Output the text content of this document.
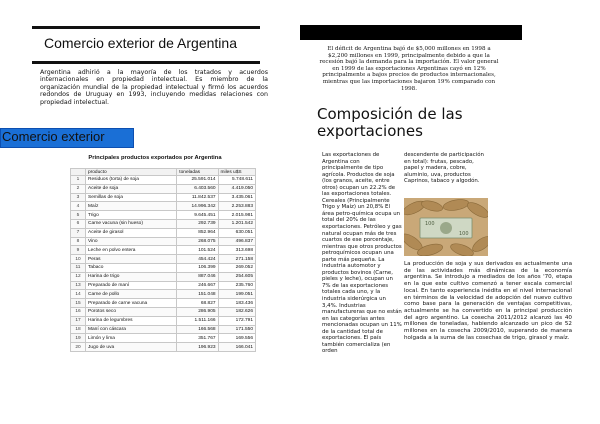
Comercio exterior de Argentina
Argentina adhirió a la mayoría de los tratados y acuerdos internacionales en propiedad intelectual. Es miembro de la organización mundial de la propiedad intelectual y firmó los acuerdos redondos de Uruguay en 1993, incluyendo medidas relaciones con propiedad intelectual.
Comercio exterior
Principales productos exportados por Argentina
	producto	toneladas	miles u$S
1	Residuos (torta) de soja	25.591.014	5.748.611
2	Aceite de soja	6.403.560	4.419.050
3	Semillas de soja	11.842.537	3.435.061
4	Maíz	14.996.342	2.253.883
5	Trigo	9.645.451	2.015.981
6	Carne vacuna (sin hueso)	292.739	1.201.542
7	Aceite de girasol	852.964	630.051
8	Vino	268.075	496.837
9	Leche en polvo entera	101.524	313.698
10	Peras	454.424	271.158
11	Tabaco	106.399	269.052
12	Harina de trigo	887.046	254.605
13	Preparado de maní	246.667	235.760
14	Carne de pollo	151.048	199.051
15	Preparado de carne vacuna	68.827	183.436
16	Porotos seco	286.905	182.626
17	Harina de legumbres	1.511.166	172.791
18	Maní con cáscara	166.568	171.550
19	Limón y lima	351.767	169.556
20	Jugo de uva	196.923	166.041
El déficit de Argentina bajó de $5,000 millones en 1998 a $2,200 millones en 1999, principalmente debido a que la recesión bajó la demanda para la importación. El valor general en 1999 de las exportaciones Argentinas cayó en 12% principalmente a bajos precios de productos internacionales, mientras que las importaciones bajaron 19% comparado con 1998.
Composición de las exportaciones
Las exportaciones de Argentina con principalmente de tipo agrícola. Productos de soja (los granos, aceite, entre otros) ocupan un 22.2% de las exportaciones totales. Cereales (Principalmente Trigo y Maíz) un 20,8% El área petro-química ocupa un total del 20% de las exportaciones. Petróleo y gas natural ocupan más de tres cuartos de ese porcentaje, mientras que otros productos petroquímicos ocupan una parte más pequeña. La industria automotor y productos bovinos (Carne, pieles y leche), ocupan un 7% de las exportaciones totales cada uno, y la industria siderúrgica un 3,4%. Industrias manufactureras que no están en las categorías antes mencionadas ocupan un 11% de la cantidad total de exportaciones. El país también comercializa (en orden
descendente de participación en total): frutas, pescado, papel y madera, cobre, aluminio, uva, productos Caprinos, tabaco y algodón.
100
100
La producción de soja y sus derivados es actualmente una de las actividades más dinámicas de la economía argentina. Se introdujo a mediados de los años '70, etapa en la que este cultivo comenzó a tener escala comercial local. En tanto experiencia inédita en el nivel internacional en términos de la velocidad de adopción del nuevo cultivo como base para la generación de ventajas competitivas, actualmente se ha convertido en la principal producción del agro argentino. La cosecha 2011/2012 alcanzó las 40 millones de toneladas, habiendo alcanzado un pico de 52 millones en la cosecha 2009/2010, superando de manera holgada a la suma de las cosechas de trigo, girasol y maíz.
